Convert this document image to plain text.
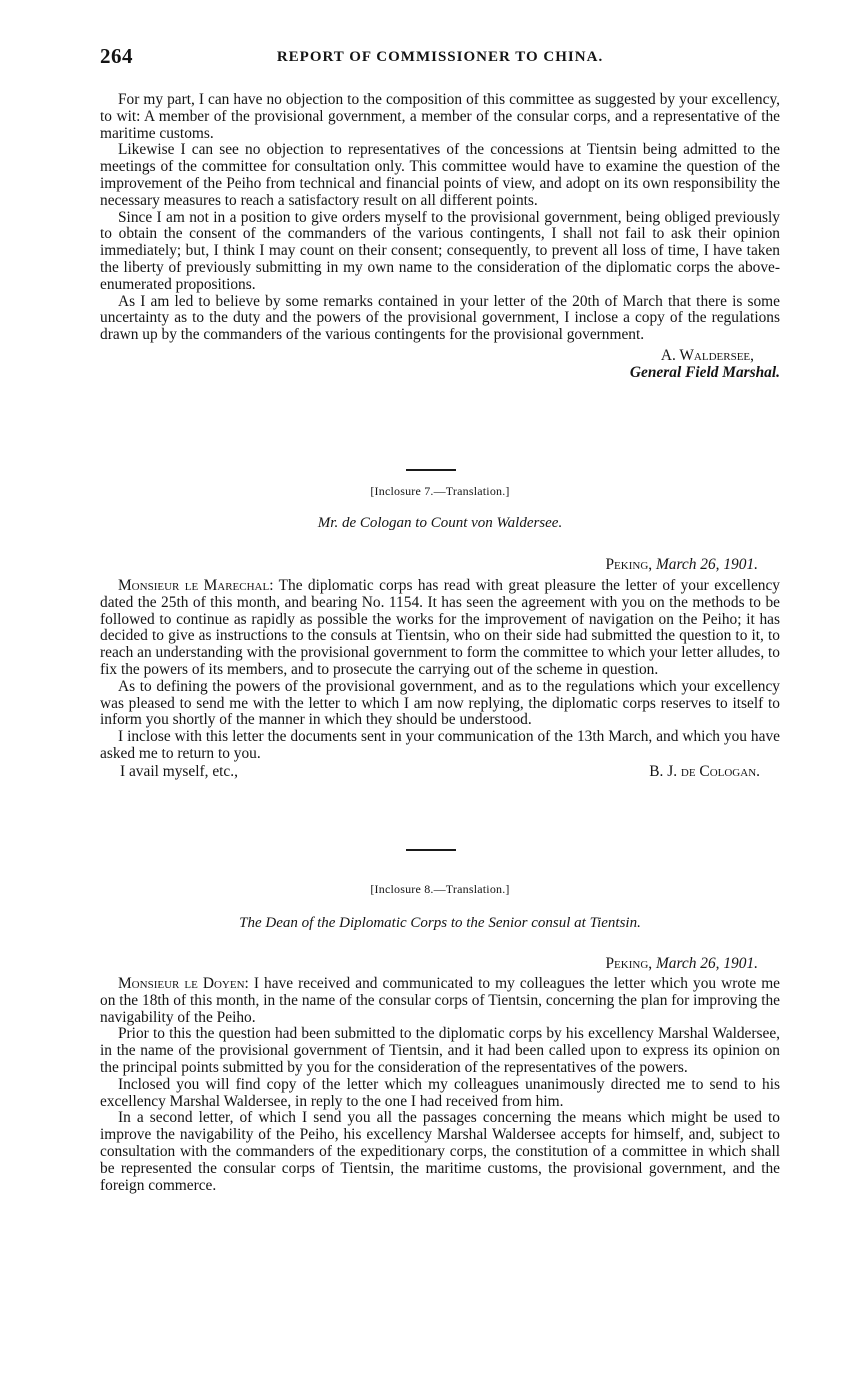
264	REPORT OF COMMISSIONER TO CHINA.

For my part, I can have no objection to the composition of this committee as suggested by your excellency, to wit: A member of the provisional government, a member of the consular corps, and a representative of the maritime customs.

Likewise I can see no objection to representatives of the concessions at Tientsin being admitted to the meetings of the committee for consultation only. This committee would have to examine the question of the improvement of the Peiho from technical and financial points of view, and adopt on its own responsibility the necessary measures to reach a satisfactory result on all different points.

Since I am not in a position to give orders myself to the provisional government, being obliged previously to obtain the consent of the commanders of the various contingents, I shall not fail to ask their opinion immediately; but, I think I may count on their consent; consequently, to prevent all loss of time, I have taken the liberty of previously submitting in my own name to the consideration of the diplomatic corps the above-enumerated propositions.

As I am led to believe by some remarks contained in your letter of the 20th of March that there is some uncertainty as to the duty and the powers of the provisional government, I inclose a copy of the regulations drawn up by the commanders of the various contingents for the provisional government.

A. Waldersee,

General Field Marshal.

[Inclosure 7.—Translation.]
Mr. de Cologan to Count von Waldersee.
Peking, March 26, 1901.

Monsieur le Marechal: The diplomatic corps has read with great pleasure the letter of your excellency dated the 25th of this month, and bearing No. 1154. It has seen the agreement with you on the methods to be followed to continue as rapidly as possible the works for the improvement of navigation on the Peiho; it has decided to give as instructions to the consuls at Tientsin, who on their side had submitted the question to it, to reach an understanding with the provisional government to form the committee to which your letter alludes, to fix the powers of its members, and to prosecute the carrying out of the scheme in question.

As to defining the powers of the provisional government, and as to the regulations which your excellency was pleased to send me with the letter to which I am now replying, the diplomatic corps reserves to itself to inform you shortly of the manner in which they should be understood.

I inclose with this letter the documents sent in your communication of the 13th March, and which you have asked me to return to you.

I avail myself, etc.,	B. J. de Cologan.
[Inclosure 8.—Translation.]
The Dean of the Diplomatic Corps to the Senior consul at Tientsin.
Peking, March 26, 1901.

Monsieur le Doyen: I have received and communicated to my colleagues the letter which you wrote me on the 18th of this month, in the name of the consular corps of Tientsin, concerning the plan for improving the navigability of the Peiho.

Prior to this the question had been submitted to the diplomatic corps by his excellency Marshal Waldersee, in the name of the provisional government of Tientsin, and it had been called upon to express its opinion on the principal points submitted by you for the consideration of the representatives of the powers.

Inclosed you will find copy of the letter which my colleagues unanimously directed me to send to his excellency Marshal Waldersee, in reply to the one I had received from him.

In a second letter, of which I send you all the passages concerning the means which might be used to improve the navigability of the Peiho, his excellency Marshal Waldersee accepts for himself, and, subject to consultation with the commanders of the expeditionary corps, the constitution of a committee in which shall be represented the consular corps of Tientsin, the maritime customs, the provisional government, and the foreign commerce.
